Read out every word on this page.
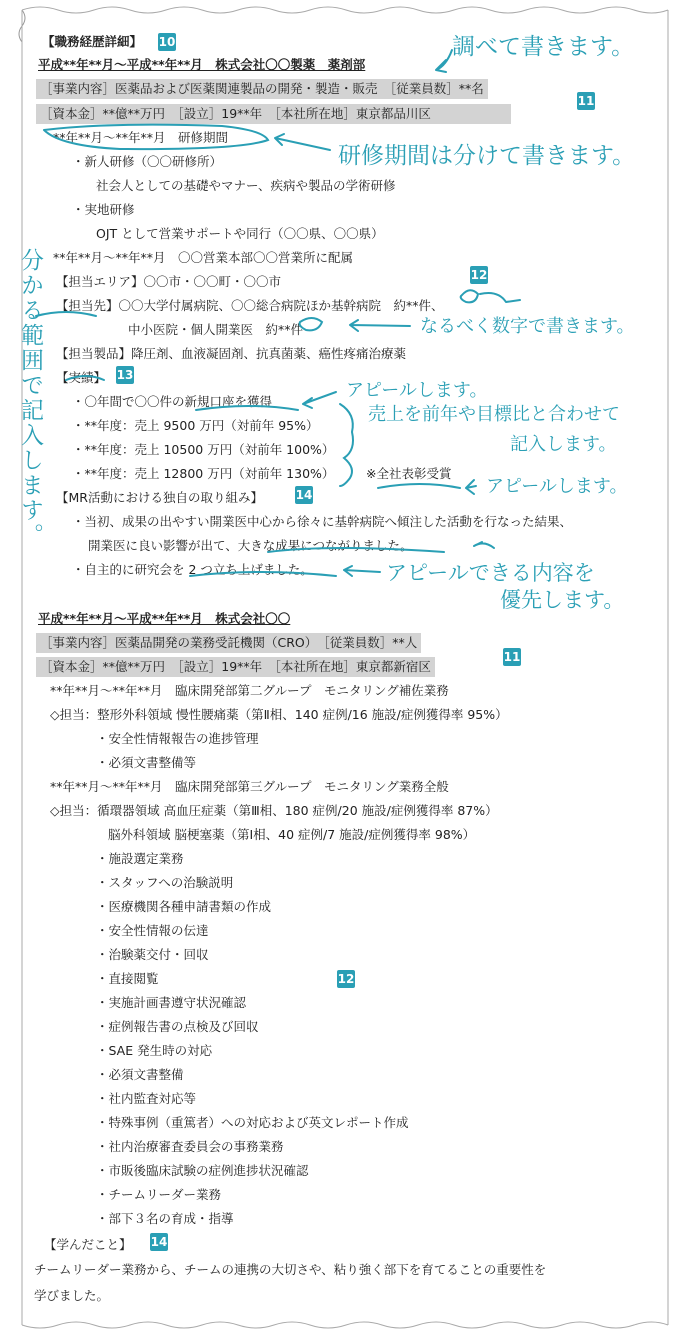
【職務経歴詳細】 10
平成**年**月～平成**年**月　株式会社〇〇製薬　薬剤部
［事業内容］医薬品および医薬関連製品の開発・製造・販売　［従業員数］**名
［資本金］**億**万円　［設立］19**年　［本社所在地］東京都品川区
11
**年**月～**年**月　研修期間
・新人研修（〇〇研修所）
社会人としての基礎やマナー、疾病や製品の学術研修
・実地研修
OJT として営業サポートや同行（〇〇県、〇〇県）
**年**月～**年**月　〇〇営業本部〇〇営業所に配属
【担当エリア】〇〇市・〇〇町・〇〇市	12
【担当先】〇〇大学付属病院、〇〇総合病院ほか基幹病院　約**件、
中小医院・個人開業医　約**件
【担当製品】降圧剤、血液凝固剤、抗真菌薬、癌性疼痛治療薬
【実績】 13
・〇年間で〇〇件の新規口座を獲得
・**年度：売上 9500 万円（対前年 95%）
・**年度：売上 10500 万円（対前年 100%）
・**年度：売上 12800 万円（対前年 130%）	※全社表彰受賞
【MR活動における独自の取り組み】	14
・当初、成果の出やすい開業医中心から徐々に基幹病院へ傾注した活動を行なった結果、
開業医に良い影響が出て、大きな成果につながりました。
・自主的に研究会を 2 つ立ち上げました。
平成**年**月～平成**年**月　株式会社〇〇
［事業内容］医薬品開発の業務受託機関（CRO）　［従業員数］**人
［資本金］**億**万円　［設立］19**年　［本社所在地］東京都新宿区
11
**年**月～**年**月　臨床開発部第二グループ　モニタリング補佐業務
◇担当：整形外科領域 慢性腰痛薬（第Ⅱ相、140 症例/16 施設/症例獲得率 95%）
・安全性情報報告の進捗管理
・必須文書整備等
**年**月～**年**月　臨床開発部第三グループ　モニタリング業務全般
◇担当：循環器領域 高血圧症薬（第Ⅲ相、180 症例/20 施設/症例獲得率 87%）
脳外科領域 脳梗塞薬（第Ⅰ相、40 症例/7 施設/症例獲得率 98%）
・施設選定業務
・スタッフへの治験説明
・医療機関各種申請書類の作成
・安全性情報の伝達
・治験薬交付・回収
・直接閲覧	12
・実施計画書遵守状況確認
・症例報告書の点検及び回収
・SAE 発生時の対応
・必須文書整備
・社内監査対応等
・特殊事例（重篤者）への対応および英文レポート作成
・社内治療審査委員会の事務業務
・市販後臨床試験の症例進捗状況確認
・チームリーダー業務
・部下３名の育成・指導
【学んだこと】 14
チームリーダー業務から、チームの連携の大切さや、粘り強く部下を育てることの重要性を
学びました。
調べて書きます。
研修期間は分けて書きます。
なるべく数字で書きます。
分かる範囲で記入します。	アピールします。
売上を前年や目標比と合わせて
記入します。
アピールします。
アピールできる内容を
優先します。
